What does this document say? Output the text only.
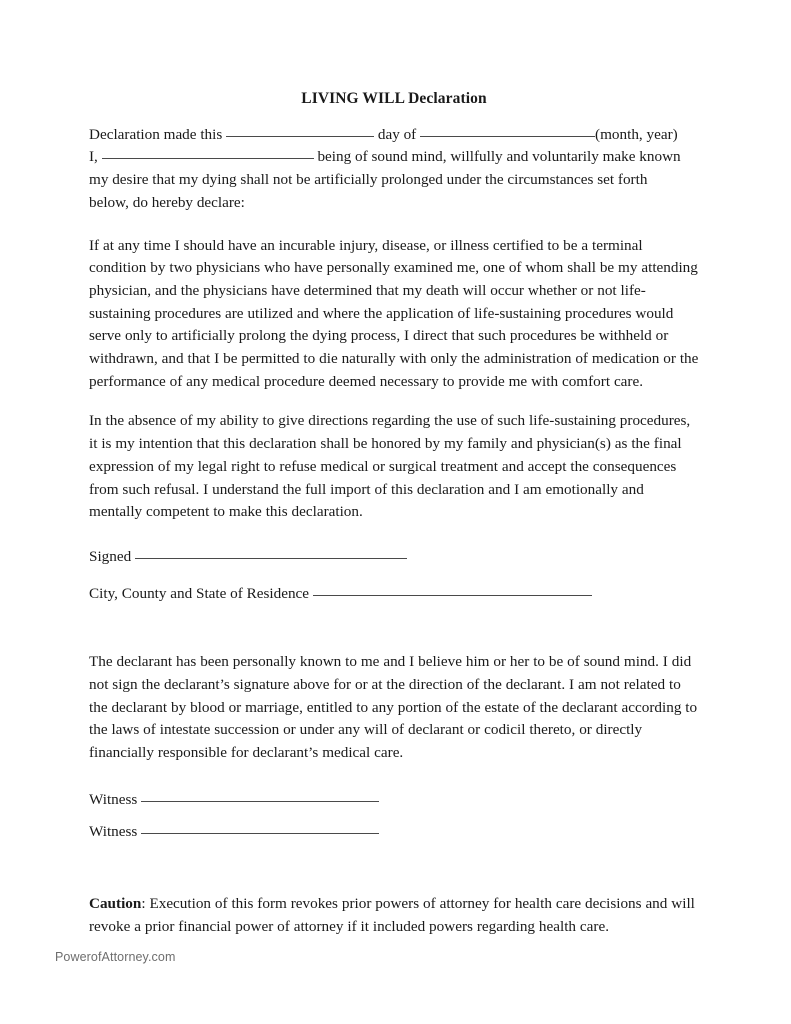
LIVING WILL Declaration
Declaration made this	day of	(month, year)
I,	being of sound mind, willfully and voluntarily make known
my desire that my dying shall not be artificially prolonged under the circumstances set forth
below, do hereby declare:

If at any time I should have an incurable injury, disease, or illness certified to be a terminal condition by two physicians who have personally examined me, one of whom shall be my attending physician, and the physicians have determined that my death will occur whether or not life-sustaining procedures are utilized and where the application of life-sustaining procedures would serve only to artificially prolong the dying process, I direct that such procedures be withheld or withdrawn, and that I be permitted to die naturally with only the administration of medication or the performance of any medical procedure deemed necessary to provide me with comfort care.

In the absence of my ability to give directions regarding the use of such life-sustaining procedures, it is my intention that this declaration shall be honored by my family and physician(s) as the final expression of my legal right to refuse medical or surgical treatment and accept the consequences from such refusal. I understand the full import of this declaration and I am emotionally and mentally competent to make this declaration.

Signed
City, County and State of Residence

The declarant has been personally known to me and I believe him or her to be of sound mind. I did not sign the declarant’s signature above for or at the direction of the declarant. I am not related to the declarant by blood or marriage, entitled to any portion of the estate of the declarant according to the laws of intestate succession or under any will of declarant or codicil thereto, or directly financially responsible for declarant’s medical care.

Witness
Witness

Caution: Execution of this form revokes prior powers of attorney for health care decisions and will revoke a prior financial power of attorney if it included powers regarding health care.

PowerofAttorney.com
